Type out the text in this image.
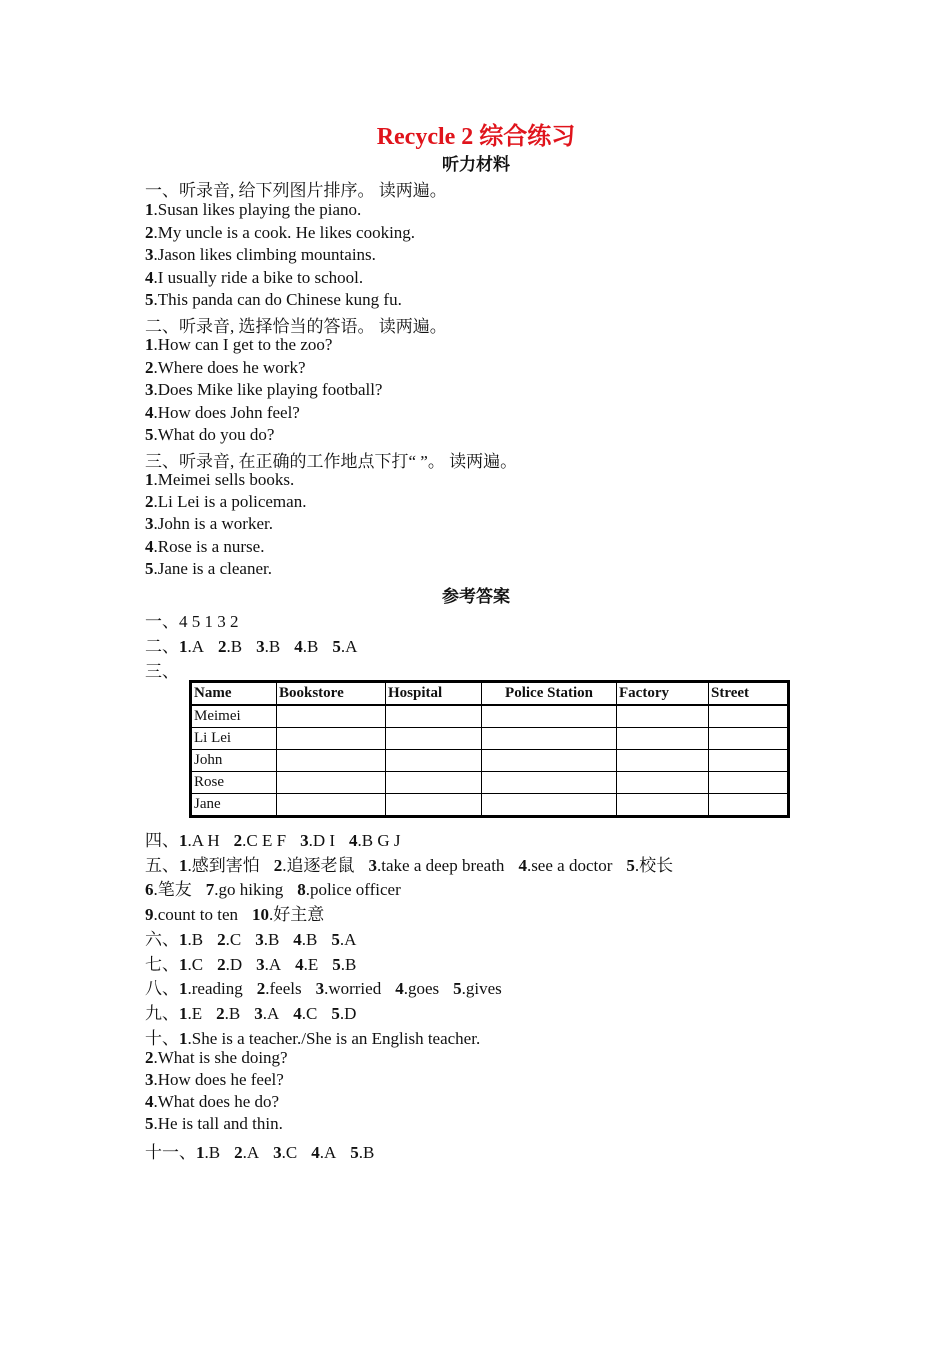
Recycle 2 综合练习
听力材料
一、听录音, 给下列图片排序。 读两遍。
1.Susan likes playing the piano.
2.My uncle is a cook. He likes cooking.
3.Jason likes climbing mountains.
4.I usually ride a bike to school.
5.This panda can do Chinese kung fu.
二、听录音, 选择恰当的答语。 读两遍。
1.How can I get to the zoo?
2.Where does he work?
3.Does Mike like playing football?
4.How does John feel?
5.What do you do?
三、听录音, 在正确的工作地点下打“ ”。 读两遍。
1.Meimei sells books.
2.Li Lei is a policeman.
3.John is a worker.
4.Rose is a nurse.
5.Jane is a cleaner.
参考答案
一、4 5 1 3 2
二、1.A 2.B 3.B 4.B 5.A
三、
Name	Bookstore	Hospital	Police Station	Factory	Street
Meimei					
Li Lei					
John					
Rose					
Jane					
四、1.A H 2.C E F 3.D I 4.B G J
五、1.感到害怕 2.追逐老鼠 3.take a deep breath 4.see a doctor 5.校长
6.笔友 7.go hiking 8.police officer
9.count to ten 10.好主意
六、1.B 2.C 3.B 4.B 5.A
七、1.C 2.D 3.A 4.E 5.B
八、1.reading 2.feels 3.worried 4.goes 5.gives
九、1.E 2.B 3.A 4.C 5.D
十、1.She is a teacher./She is an English teacher.
2.What is she doing?
3.How does he feel?
4.What does he do?
5.He is tall and thin.
十一、1.B 2.A 3.C 4.A 5.B
